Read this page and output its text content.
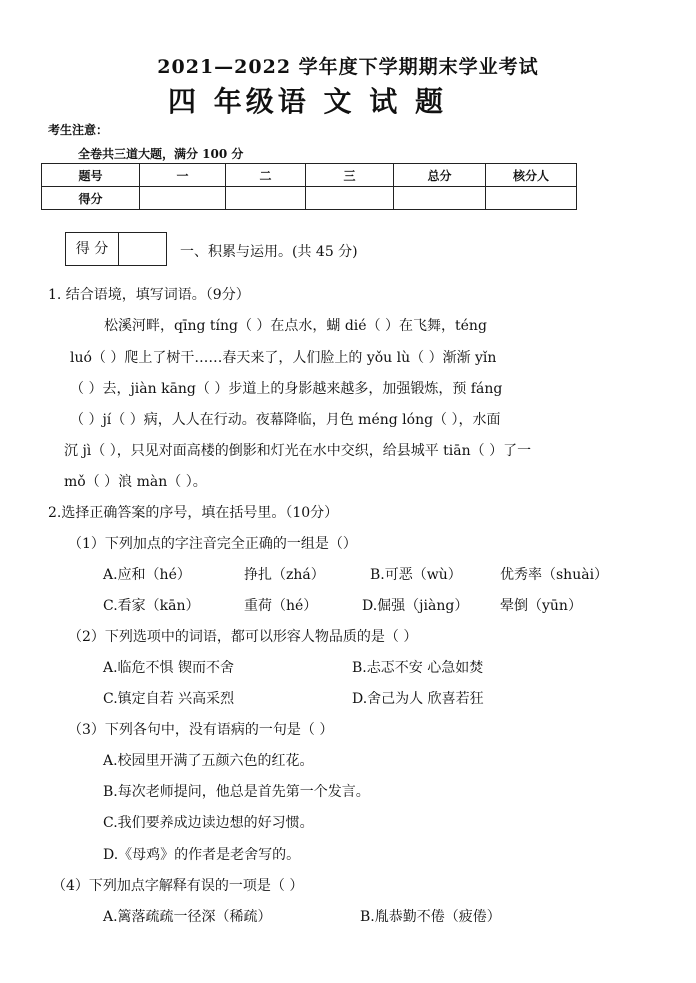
2021—2022 学年度下学期期末学业考试
四 年级语 文 试 题
考生注意：
全卷共三道大题，满分 100 分
题号	一	二	三	总分	核分人
得分					
得 分	一、积累与运用。(共 45 分)
1. 结合语境，填写词语。（9分）
松溪河畔，qīng tíng（ ）在点水，蝴 dié（ ）在飞舞，téng
luó（ ）爬上了树干……春天来了，人们脸上的 yǒu lù（ ）渐渐 yǐn
（ ）去，jiàn kāng（ ）步道上的身影越来越多，加强锻炼，预 fáng
（ ）jí（ ）病，人人在行动。夜幕降临，月色 méng lóng（ ），水面
沉 jì（ ），只见对面高楼的倒影和灯光在水中交织，给县城平 tiān（ ）了一
mǒ（ ）浪 màn（ ）。
2.选择正确答案的序号，填在括号里。（10分）
（1）下列加点的字注音完全正确的一组是（）
A.应和（hé）	挣扎（zhá）	B.可恶（wù）	优秀率（shuài）
C.看家（kān）	重荷（hé）	D.倔强（jiàng） 晕倒（yūn）
（2）下列选项中的词语，都可以形容人物品质的是（ ）
A.临危不惧 锲而不舍	B.忐忑不安 心急如焚
C.镇定自若 兴高采烈	D.舍己为人 欣喜若狂
（3）下列各句中，没有语病的一句是（ ）
A.校园里开满了五颜六色的红花。
B.每次老师提问，他总是首先第一个发言。
C.我们要养成边读边想的好习惯。
D.《母鸡》的作者是老舍写的。
（4）下列加点字解释有误的一项是（ ）
A.篱落疏疏一径深（稀疏）	B.胤恭勤不倦（疲倦）
